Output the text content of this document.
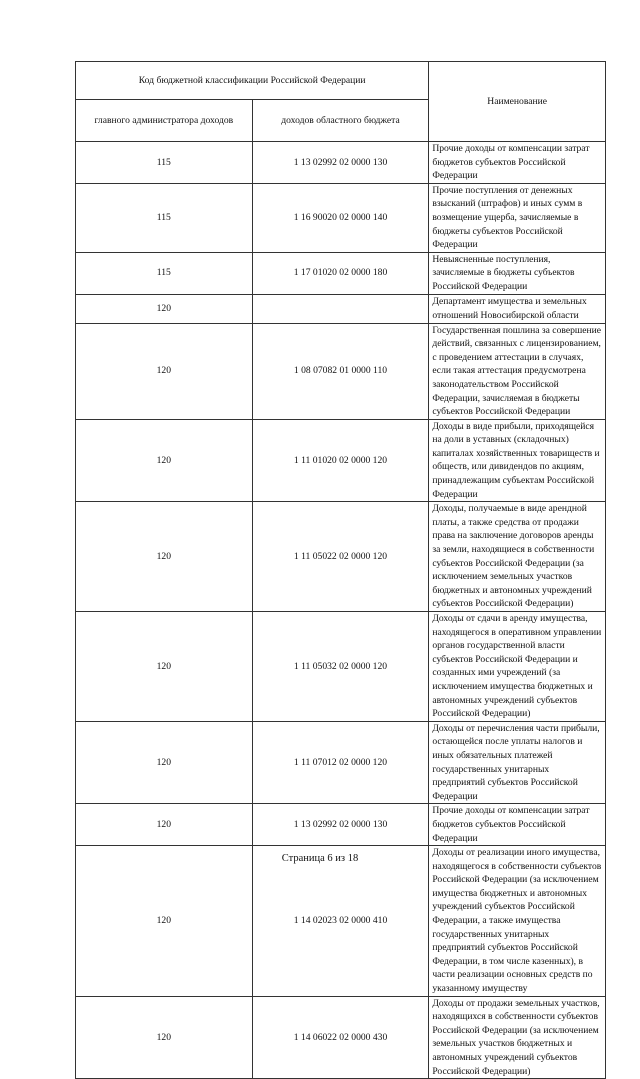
Код бюджетной классификации Российской Федерации		Наименование
главного администратора доходов	доходов областного бюджета	
115	1 13 02992 02 0000 130	Прочие доходы от компенсации затрат бюджетов субъектов Российской Федерации
115	1 16 90020 02 0000 140	Прочие поступления от денежных взысканий (штрафов) и иных сумм в возмещение ущерба, зачисляемые в бюджеты субъектов Российской Федерации
115	1 17 01020 02 0000 180	Невыясненные поступления, зачисляемые в бюджеты субъектов Российской Федерации
120		Департамент имущества и земельных отношений Новосибирской области
120	1 08 07082 01 0000 110	Государственная пошлина за совершение действий, связанных с лицензированием, с проведением аттестации в случаях, если такая аттестация предусмотрена законодательством Российской Федерации, зачисляемая в бюджеты субъектов Российской Федерации
120	1 11 01020 02 0000 120	Доходы в виде прибыли, приходящейся на доли в уставных (складочных) капиталах хозяйственных товариществ и обществ, или дивидендов по акциям, принадлежащим субъектам Российской Федерации
120	1 11 05022 02 0000 120	Доходы, получаемые в виде арендной платы, а также средства от продажи права на заключение договоров аренды за земли, находящиеся в собственности субъектов Российской Федерации (за исключением земельных участков бюджетных и автономных учреждений субъектов Российской Федерации)
120	1 11 05032 02 0000 120	Доходы от сдачи в аренду имущества, находящегося в оперативном управлении органов государственной власти субъектов Российской Федерации и созданных ими учреждений (за исключением имущества бюджетных и автономных учреждений субъектов Российской Федерации)
120	1 11 07012 02 0000 120	Доходы от перечисления части прибыли, остающейся после уплаты налогов и иных обязательных платежей государственных унитарных предприятий субъектов Российской Федерации
120	1 13 02992 02 0000 130	Прочие доходы от компенсации затрат бюджетов субъектов Российской Федерации
120	1 14 02023 02 0000 410	Доходы от реализации иного имущества, находящегося в собственности субъектов Российской Федерации (за исключением имущества бюджетных и автономных учреждений субъектов Российской Федерации, а также имущества государственных унитарных предприятий субъектов Российской Федерации, в том числе казенных), в части реализации основных средств по указанному имуществу
120	1 14 06022 02 0000 430	Доходы от продажи земельных участков, находящихся в собственности субъектов Российской Федерации (за исключением земельных участков бюджетных и автономных учреждений субъектов Российской Федерации)
Страница 6 из 18
